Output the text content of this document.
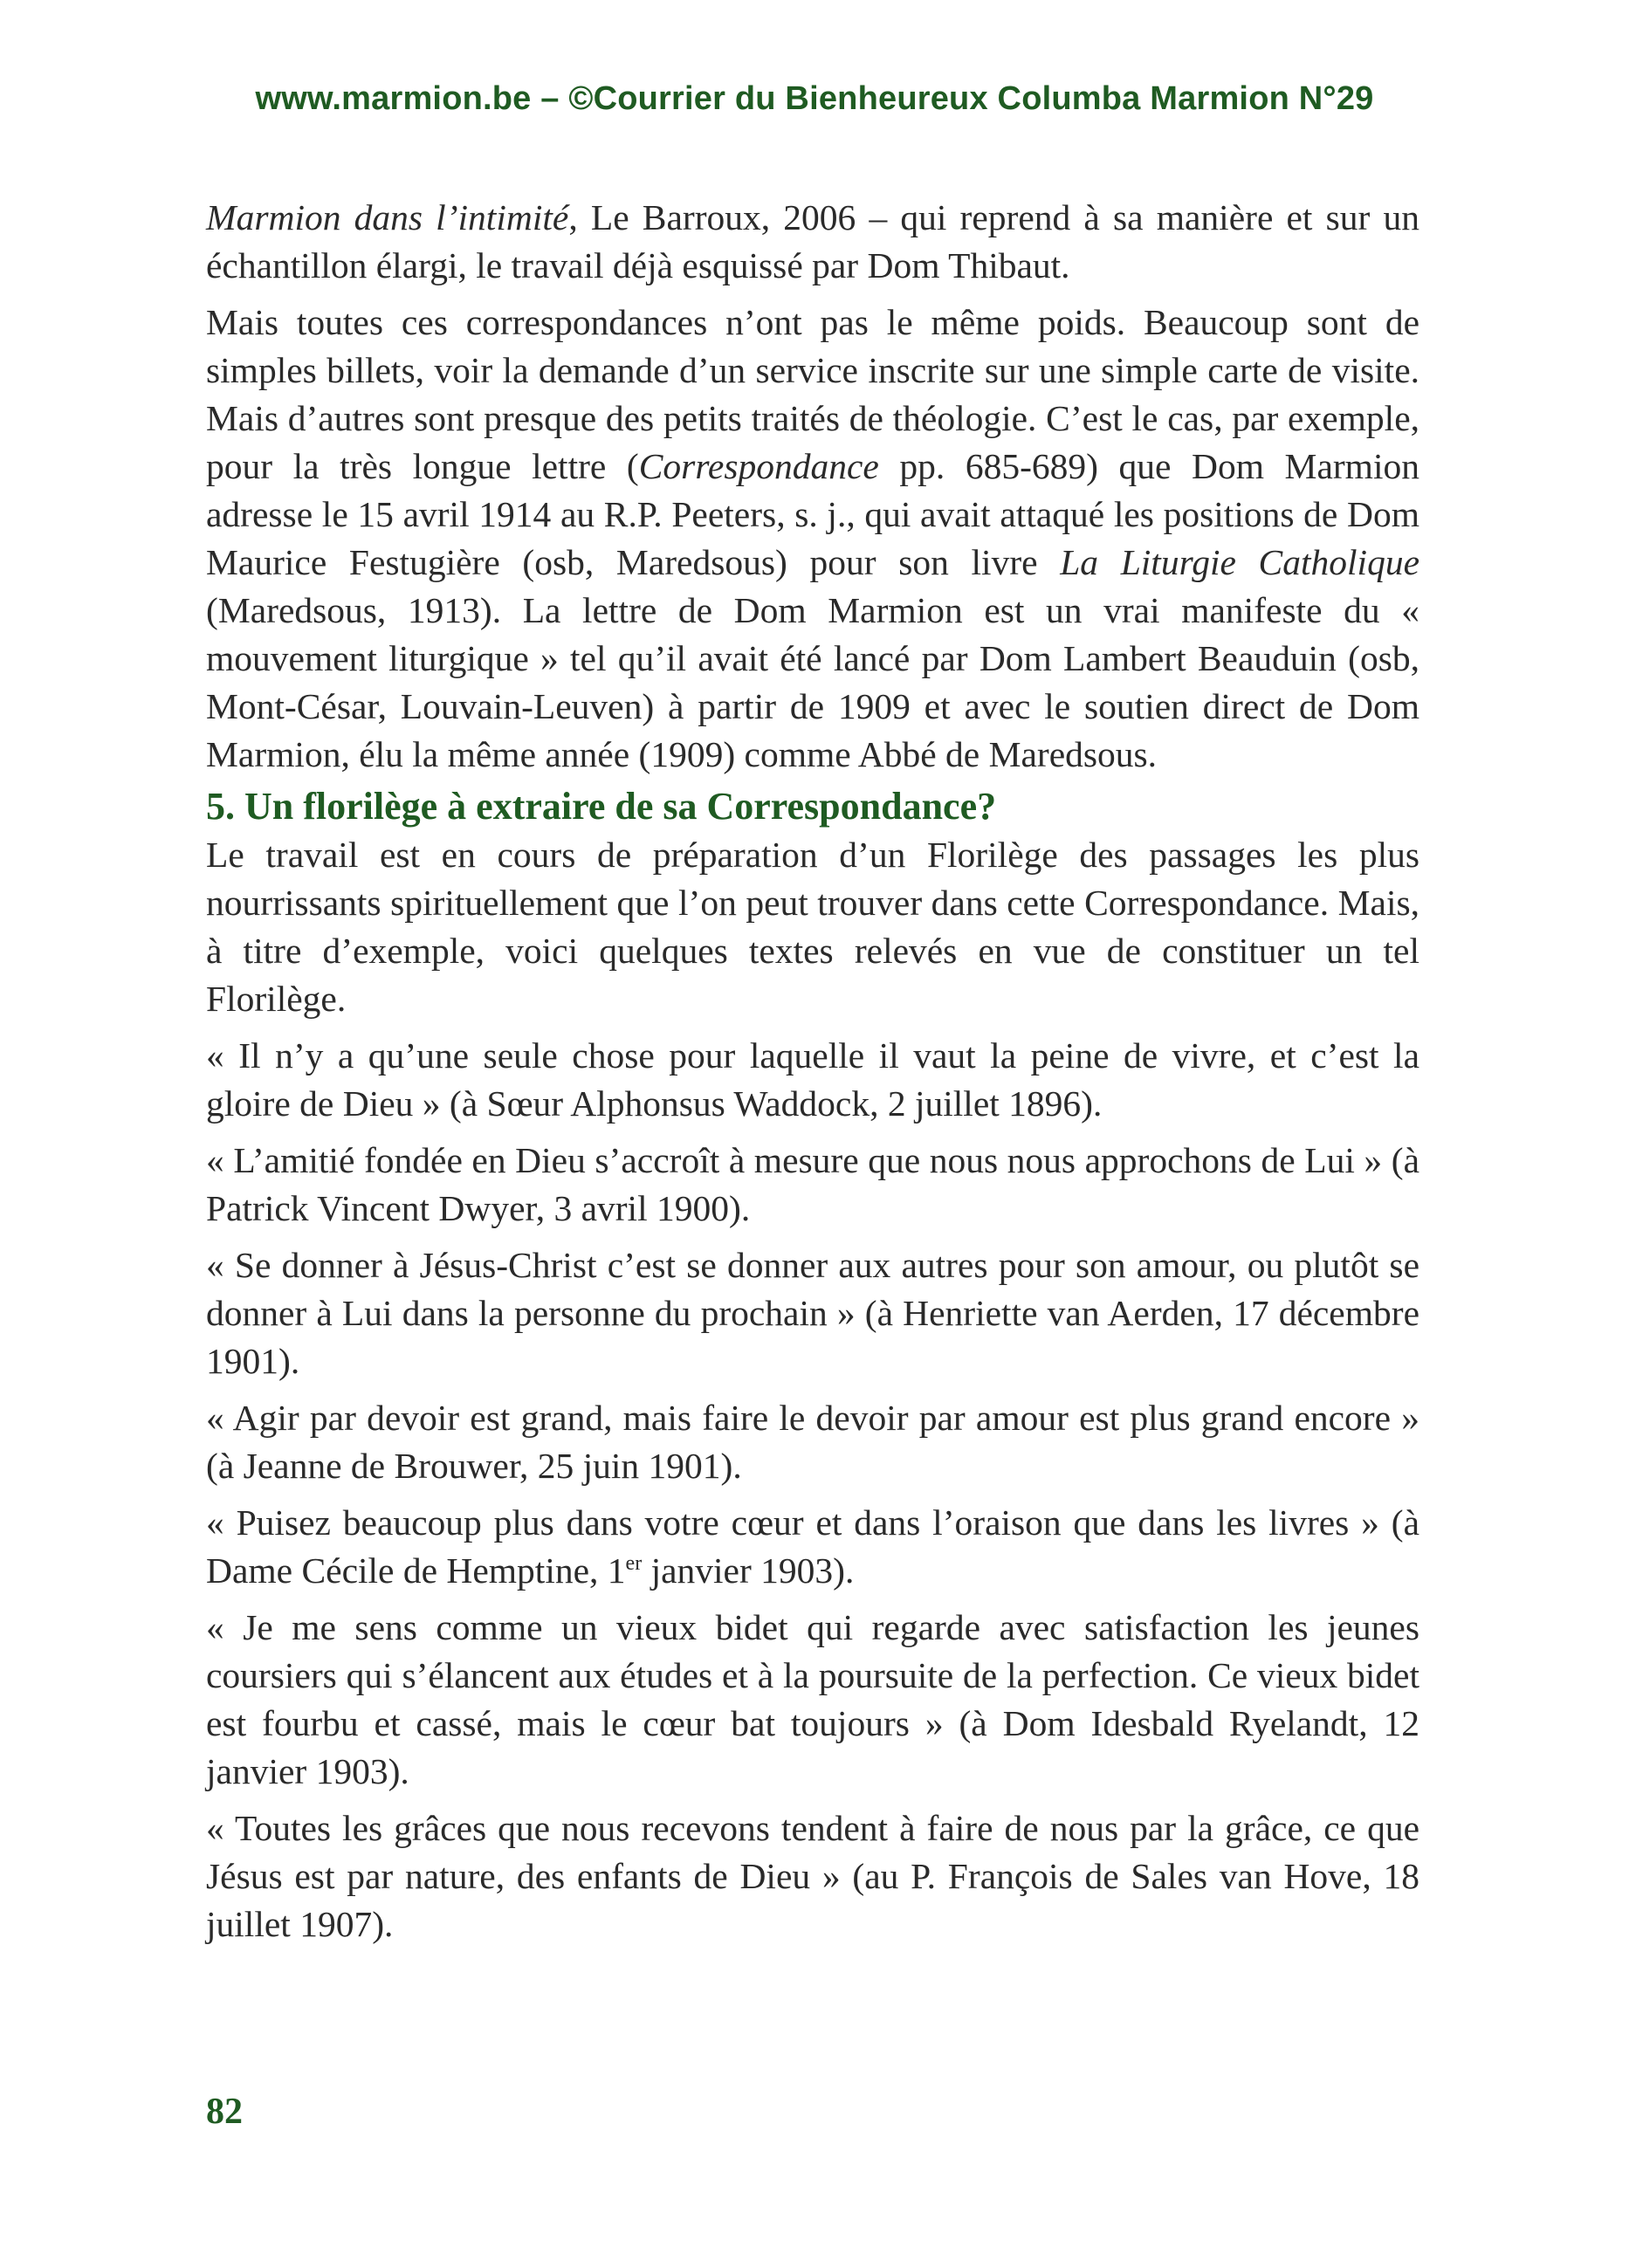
www.marmion.be – ©Courrier du Bienheureux Columba Marmion N°29

Marmion dans l’intimité, Le Barroux, 2006 – qui reprend à sa manière et sur un échantillon élargi, le travail déjà esquissé par Dom Thibaut.

Mais toutes ces correspondances n’ont pas le même poids. Beaucoup sont de simples billets, voir la demande d’un service inscrite sur une simple carte de visite. Mais d’autres sont presque des petits traités de théologie. C’est le cas, par exemple, pour la très longue lettre (Correspondance pp. 685-689) que Dom Marmion adresse le 15 avril 1914 au R.P. Peeters, s. j., qui avait attaqué les positions de Dom Maurice Festugière (osb, Maredsous) pour son livre La Liturgie Catholique (Maredsous, 1913). La lettre de Dom Marmion est un vrai manifeste du « mouvement liturgique » tel qu’il avait été lancé par Dom Lambert Beauduin (osb, Mont-César, Louvain-Leuven) à partir de 1909 et avec le soutien direct de Dom Marmion, élu la même année (1909) comme Abbé de Maredsous.

5. Un florilège à extraire de sa Correspondance?

Le travail est en cours de préparation d’un Florilège des passages les plus nourrissants spirituellement que l’on peut trouver dans cette Correspondance. Mais, à titre d’exemple, voici quelques textes relevés en vue de constituer un tel Florilège.

« Il n’y a qu’une seule chose pour laquelle il vaut la peine de vivre, et c’est la gloire de Dieu » (à Sœur Alphonsus Waddock, 2 juillet 1896).

« L’amitié fondée en Dieu s’accroît à mesure que nous nous approchons de Lui » (à Patrick Vincent Dwyer, 3 avril 1900).

« Se donner à Jésus-Christ c’est se donner aux autres pour son amour, ou plutôt se donner à Lui dans la personne du prochain » (à Henriette van Aerden, 17 décembre 1901).

« Agir par devoir est grand, mais faire le devoir par amour est plus grand encore » (à Jeanne de Brouwer, 25 juin 1901).

« Puisez beaucoup plus dans votre cœur et dans l’oraison que dans les livres » (à Dame Cécile de Hemptine, 1er janvier 1903).

« Je me sens comme un vieux bidet qui regarde avec satisfaction les jeunes coursiers qui s’élancent aux études et à la poursuite de la perfection. Ce vieux bidet est fourbu et cassé, mais le cœur bat toujours » (à Dom Idesbald Ryelandt, 12 janvier 1903).

« Toutes les grâces que nous recevons tendent à faire de nous par la grâce, ce que Jésus est par nature, des enfants de Dieu » (au P. François de Sales van Hove, 18 juillet 1907).

82
